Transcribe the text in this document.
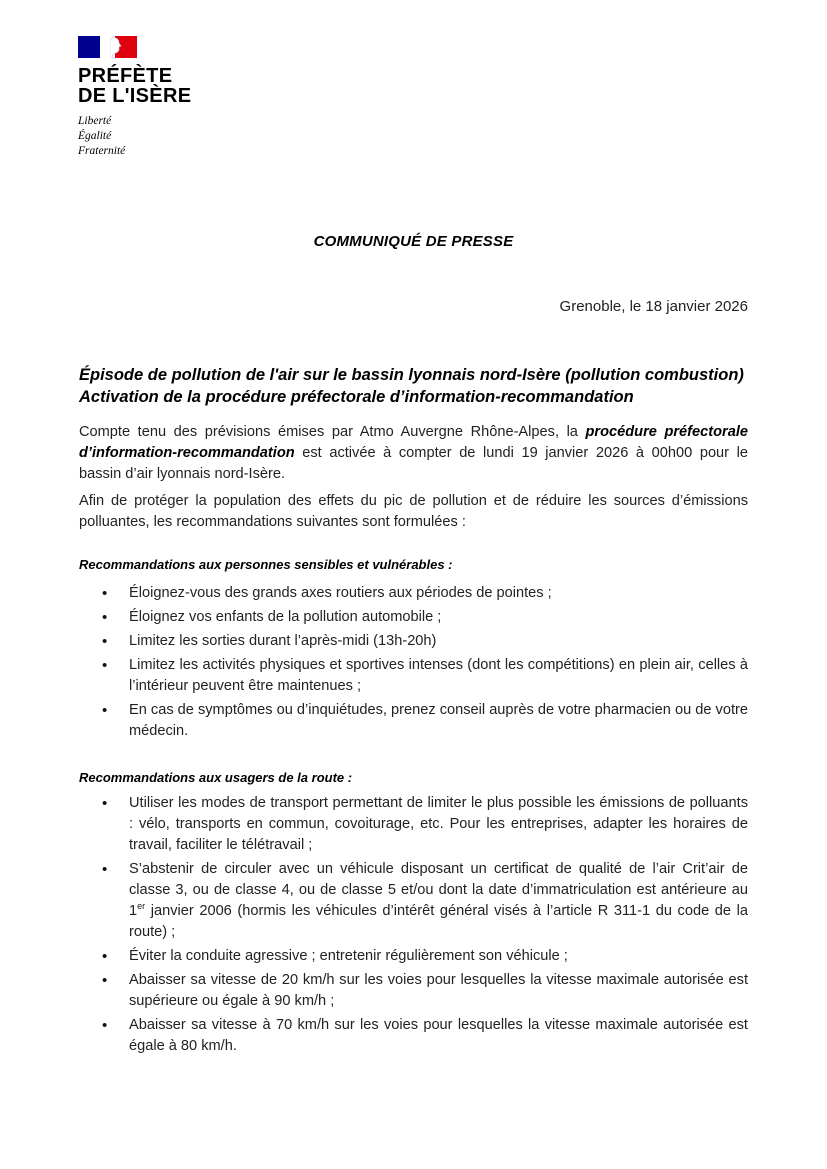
PRÉFÈTE
DE L'ISÈRE
Liberté
Égalité
Fraternité
COMMUNIQUÉ DE PRESSE
Grenoble, le 18 janvier 2026
Épisode de pollution de l'air sur le bassin lyonnais nord-Isère (pollution combustion)
Activation de la procédure préfectorale d’information-recommandation

Compte tenu des prévisions émises par Atmo Auvergne Rhône-Alpes, la procédure préfectorale d’information-recommandation est activée à compter de lundi 19 janvier 2026 à 00h00 pour le bassin d’air lyonnais nord-Isère.

Afin de protéger la population des effets du pic de pollution et de réduire les sources d’émissions polluantes, les recommandations suivantes sont formulées :

Recommandations aux personnes sensibles et vulnérables :
• Éloignez-vous des grands axes routiers aux périodes de pointes ;
• Éloignez vos enfants de la pollution automobile ;
• Limitez les sorties durant l’après-midi (13h-20h)
• Limitez les activités physiques et sportives intenses (dont les compétitions) en plein air, celles à l’intérieur peuvent être maintenues ;
• En cas de symptômes ou d’inquiétudes, prenez conseil auprès de votre pharmacien ou de votre médecin.
Recommandations aux usagers de la route :
• Utiliser les modes de transport permettant de limiter le plus possible les émissions de polluants : vélo, transports en commun, covoiturage, etc. Pour les entreprises, adapter les horaires de travail, faciliter le télétravail ;
• S’abstenir de circuler avec un véhicule disposant un certificat de qualité de l’air Crit’air de classe 3, ou de classe 4, ou de classe 5 et/ou dont la date d’immatriculation est antérieure au 1er janvier 2006 (hormis les véhicules d’intérêt général visés à l’article R 311-1 du code de la route) ;
• Éviter la conduite agressive ; entretenir régulièrement son véhicule ;
• Abaisser sa vitesse de 20 km/h sur les voies pour lesquelles la vitesse maximale autorisée est supérieure ou égale à 90 km/h ;
• Abaisser sa vitesse à 70 km/h sur les voies pour lesquelles la vitesse maximale autorisée est égale à 80 km/h.
